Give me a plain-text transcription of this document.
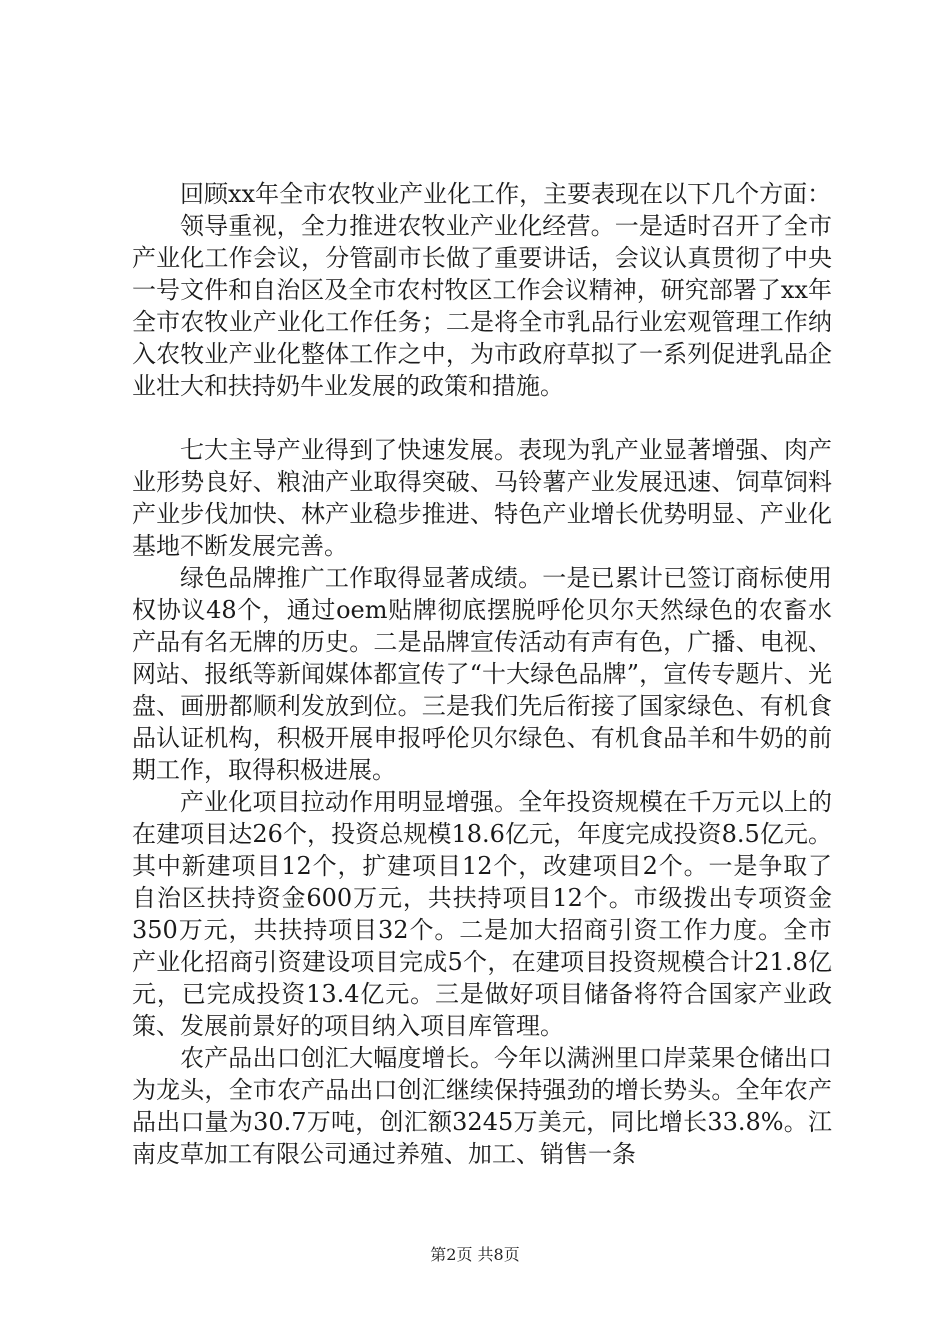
回顾xx年全市农牧业产业化工作，主要表现在以下几个方面：

领导重视，全力推进农牧业产业化经营。一是适时召开了全市产业化工作会议，分管副市长做了重要讲话，会议认真贯彻了中央一号文件和自治区及全市农村牧区工作会议精神，研究部署了xx年全市农牧业产业化工作任务；二是将全市乳品行业宏观管理工作纳入农牧业产业化整体工作之中，为市政府草拟了一系列促进乳品企业壮大和扶持奶牛业发展的政策和措施。

七大主导产业得到了快速发展。表现为乳产业显著增强、肉产业形势良好、粮油产业取得突破、马铃薯产业发展迅速、饲草饲料产业步伐加快、林产业稳步推进、特色产业增长优势明显、产业化基地不断发展完善。

绿色品牌推广工作取得显著成绩。一是已累计已签订商标使用权协议48个，通过oem贴牌彻底摆脱呼伦贝尔天然绿色的农畜水产品有名无牌的历史。二是品牌宣传活动有声有色，广播、电视、网站、报纸等新闻媒体都宣传了“十大绿色品牌”，宣传专题片、光盘、画册都顺利发放到位。三是我们先后衔接了国家绿色、有机食品认证机构，积极开展申报呼伦贝尔绿色、有机食品羊和牛奶的前期工作，取得积极进展。

产业化项目拉动作用明显增强。全年投资规模在千万元以上的在建项目达26个，投资总规模18.6亿元，年度完成投资8.5亿元。其中新建项目12个，扩建项目12个，改建项目2个。一是争取了自治区扶持资金600万元，共扶持项目12个。市级拨出专项资金350万元，共扶持项目32个。二是加大招商引资工作力度。全市产业化招商引资建设项目完成5个，在建项目投资规模合计21.8亿元，已完成投资13.4亿元。三是做好项目储备将符合国家产业政策、发展前景好的项目纳入项目库管理。

农产品出口创汇大幅度增长。今年以满洲里口岸菜果仓储出口为龙头，全市农产品出口创汇继续保持强劲的增长势头。全年农产品出口量为30.7万吨，创汇额3245万美元，同比增长33.8%。江南皮草加工有限公司通过养殖、加工、销售一条

第2页 共8页
